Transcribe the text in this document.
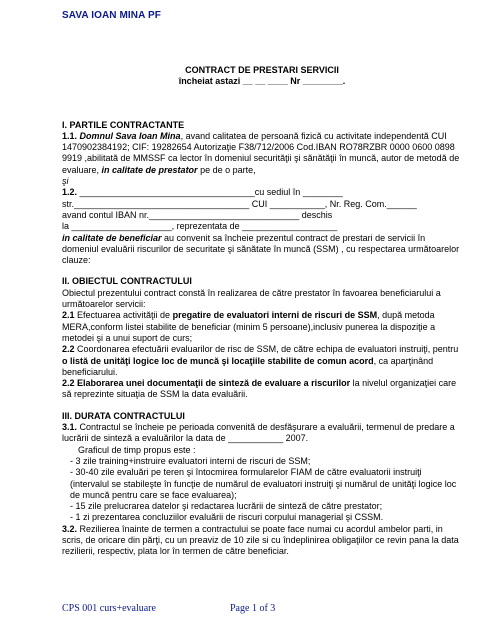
SAVA IOAN MINA PF
CONTRACT DE PRESTARI SERVICII
încheiat astazi __ __ ____ Nr ________.

I. PARTILE CONTRACTANTE

1.1. Domnul Sava Ioan Mina, avand calitatea de persoană fizică cu activitate independentă CUI 1470902384192; CIF: 19282654 Autorizaţie F38/712/2006 Cod.IBAN RO78RZBR 0000 0600 0898 9919 ,abilitată de MMSSF ca lector în domeniul securităţii şi sănătăţii în muncă, autor de metodă de evaluare, in calitate de prestator pe de o parte,

şi

1.2. ___________________________________cu sediul în ________

str.___________________________________ CUI ___________, Nr. Reg. Com.______

avand contul IBAN nr.______________________________ deschis

la ____________________, reprezentata de ___________________

in calitate de beneficiar au convenit sa încheie prezentul contract de prestari de servicii în domeniul evaluării riscurilor de securitate şi sănătate în muncă (SSM) , cu respectarea următoarelor clauze:

II. OBIECTUL CONTRACTULUI

Obiectul prezentului contract constă în realizarea de către prestator în favoarea beneficiarului a următoarelor servicii:

2.1 Efectuarea activităţii de pregatire de evaluatori interni de riscuri de SSM, după metoda MERA,conform listei stabilite de beneficiar (minim 5 persoane),inclusiv punerea la dispoziţie a metodei şi a unui suport de curs;

2.2 Coordonarea efectuării evaluarilor de risc de SSM, de către echipa de evaluatori instruiţi, pentru o listă de unităţi logice loc de muncă şi locaţiile stabilite de comun acord, ca aparţinând beneficiarului.

2.2 Elaborarea unei documentaţii de sinteză de evaluare a riscurilor la nivelul organizaţiei care să reprezinte situaţia de SSM la data evaluării.

III. DURATA CONTRACTULUI

3.1. Contractul se încheie pe perioada convenită de desfăşurare a evaluării, termenul de predare a lucrării de sinteză a evaluărilor la data de ___________ 2007.

Graficul de timp propus este :

- 3 zile training+instruire evaluatori interni de riscuri de SSM;

- 30-40 zile evaluări pe teren şi întocmirea formularelor FIAM de către evaluatorii instruiţi (intervalul se stabileşte în funcţie de numărul de evaluatori instruiţi şi numărul de unităţi logice loc de muncă pentru care se face evaluarea);

- 15 zile prelucrarea datelor şi redactarea lucrării de sinteză de către prestator;

- 1 zi prezentarea concluziilor evaluării de riscuri corpului managerial şi CSSM.

3.2. Rezilierea înainte de termen a contractului se poate face numai cu acordul ambelor parti, in scris, de oricare din părţi, cu un preaviz de 10 zile si cu îndeplinirea obligaţiilor ce revin pana la data rezilierii, respectiv, plata lor în termen de către beneficiar.

CPS 001 curs+evaluare	Page 1 of 3
